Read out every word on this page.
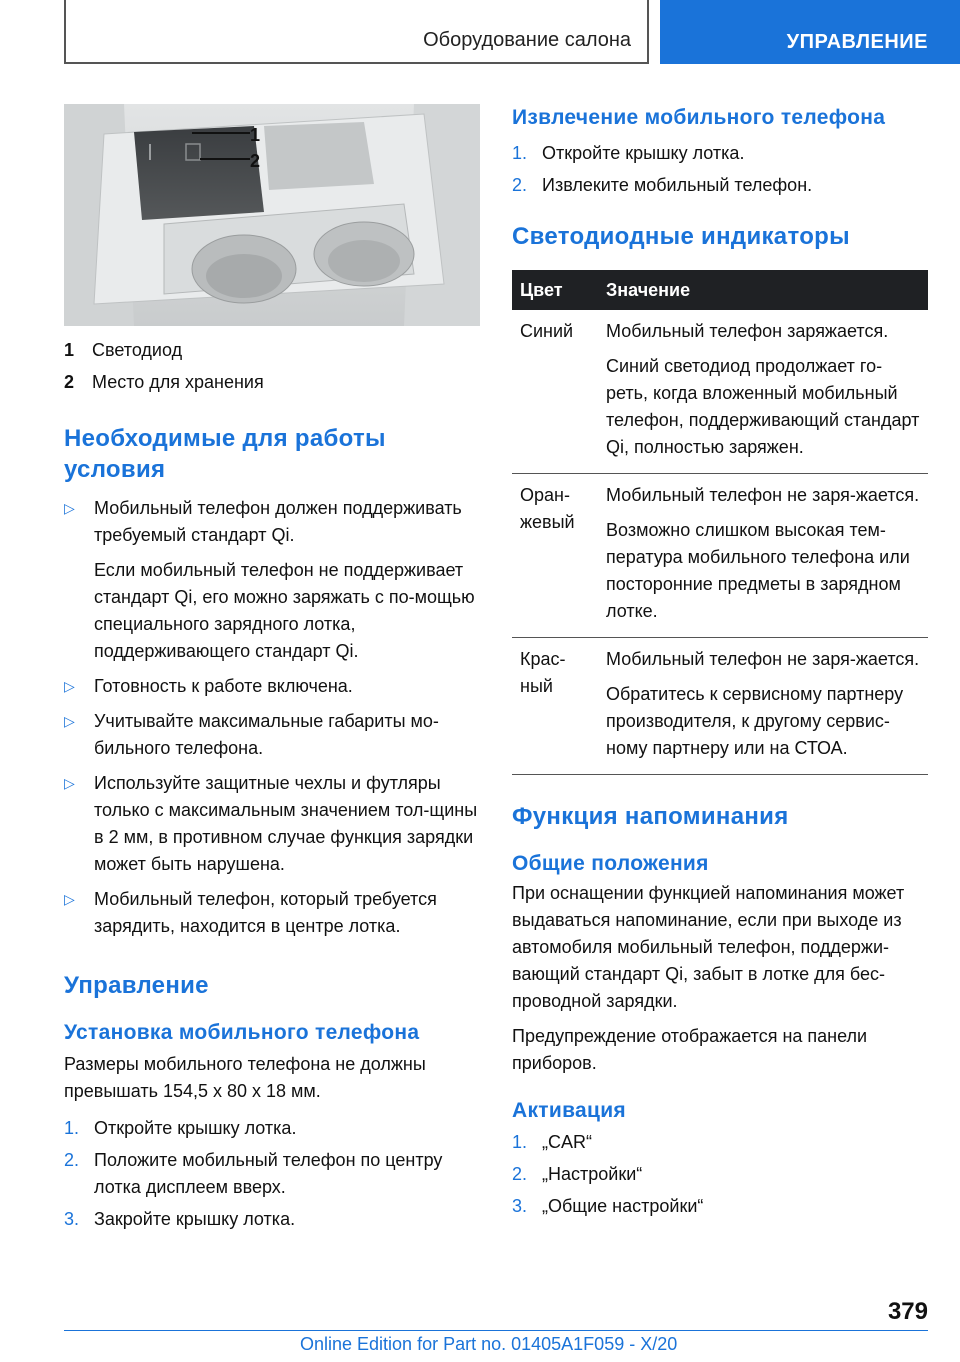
Оборудование салона	УПРАВЛЕНИЕ
1
2
1 Светодиод
2 Место для хранения
Необходимые для работы условия
▷	Мобильный телефон должен поддерживать требуемый стандарт Qi.

Если мобильный телефон не поддерживает стандарт Qi, его можно заряжать с по-мощью специального зарядного лотка, поддерживающего стандарт Qi.

▷	Готовность к работе включена.

▷	Учитывайте максимальные габариты мо-бильного телефона.

▷	Используйте защитные чехлы и футляры только с максимальным значением тол-щины в 2 мм, в противном случае функция зарядки может быть нарушена.

▷	Мобильный телефон, который требуется зарядить, находится в центре лотка.

Управление
Установка мобильного телефона

Размеры мобильного телефона не должны превышать 154,5 x 80 x 18 мм.

1. Откройте крышку лотка.
2. Положите мобильный телефон по центру лотка дисплеем вверх.
3. Закройте крышку лотка.
Извлечение мобильного телефона
1. Откройте крышку лотка.
2. Извлеките мобильный телефон.
Светодиодные индикаторы
Цвет	Значение
Синий	Мобильный телефон заряжается.

Синий светодиод продолжает го-реть, когда вложенный мобильный телефон, поддерживающий стандарт Qi, полностью заряжен.

Оран-жевый	Мобильный телефон не заря-жается.

Возможно слишком высокая тем-пература мобильного телефона или посторонние предметы в зарядном лотке.

Крас-ный	Мобильный телефон не заря-жается.

Обратитесь к сервисному партнеру производителя, к другому сервис-ному партнеру или на СТОА.

Функция напоминания
Общие положения

При оснащении функцией напоминания может выдаваться напоминание, если при выходе из автомобиля мобильный телефон, поддержи-вающий стандарт Qi, забыт в лотке для бес-проводной зарядки.

Предупреждение отображается на панели приборов.

Активация
1. „CAR“
2. „Настройки“
3. „Общие настройки“
379
Online Edition for Part no. 01405A1F059 - X/20
